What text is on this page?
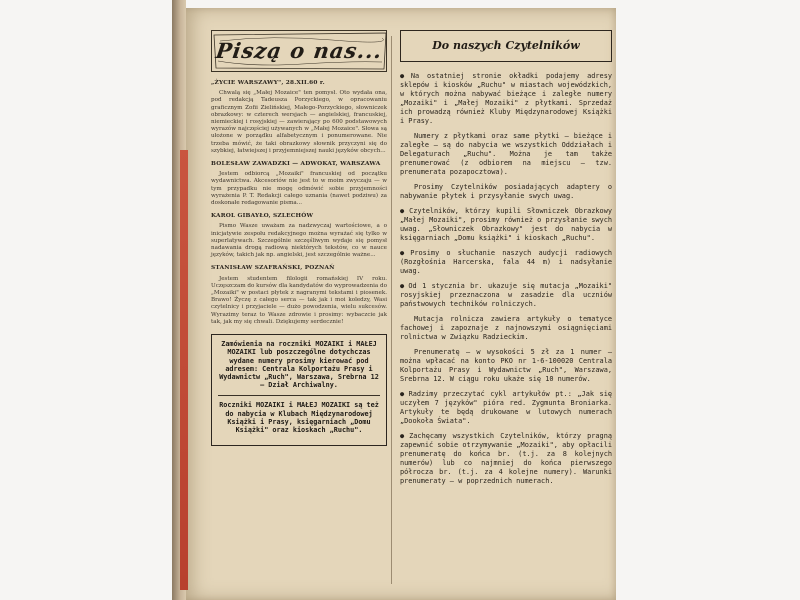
Piszą o nas...
„ŻYCIE WARSZAWY", 28.XII.60 r.

Chwalą się „Małej Mozaice" ten pomysł. Oto wydała ona, pod redakcją Tadeusza Porzyckiego, w opracowaniu graficznym Zofii Zielińskiej, Małego-Porzyckiego, słowniczek obrazkowy: w czterech wersjach — angielskiej, francuskiej, niemieckiej i rosyjskiej — zawierający po 600 podstawowych wyrazów najczęściej używanych w „Małej Mozaice". Słowa są ułożone w porządku alfabetycznym i ponumerowane. Nie trzeba mówić, że taki obrazkowy słownik przyczyni się do szybkiej, łatwiejszej i przyjemniejszej nauki języków obcych...

BOLESŁAW ZAWADZKI — ADWOKAT, WARSZAWA

Jestem odbiorcą „Mozaiki" francuskiej od początku wydawnictwa. Akcesoriów nie jest to w moim zwyczaju — w tym przypadku nie mogę odmówić sobie przyjemności wyrażenia P. T. Redakcji całego uznania (nawet podziwu) za doskonałe redagowanie pisma...

KAROL GIBAYŁO, SZLECHÓW

Pismo Wasze uważam za nadzwyczaj wartościowe, a o inicjatywie zespołu redakcyjnego można wyrażać się tylko w superlatywach. Szczególnie szczęśliwym wydaje się pomysł nadawania drogą radiową niektórych tekstów, co w nauce języków, takich jak np. angielski, jest szczególnie ważne...

STANISŁAW SZAFRAŃSKI, POZNAŃ

Jestem studentem filologii romańskiej IV roku. Uczęszczam do kursów dla kandydatów do wyprowadzenia do „Mozaiki" w postaci płytek z nagranymi tekstami i piosenek. Brawo! Życzę z całego serca — tak jak i moi koledzy, Wasi czytelnicy i przyjaciele — dużo powodzenia, wielu sukcesów. Wyrazimy teraz to Wasze zdrowie i prosimy: wybaczcie jak tak, jak my się chwali. Dziękujemy serdecznie!

Zamówienia na roczniki MOZAIKI i MAŁEJ MOZAIKI lub poszczególne dotychczas wydane numery prosimy kierować pod adresem: Centrala Kolportażu Prasy i Wydawnictw „Ruch", Warszawa, Srebrna 12 — Dział Archiwalny.

Roczniki MOZAIKI i MAŁEJ MOZAIKI są też do nabycia w Klubach Międzynarodowej Książki i Prasy, księgarniach „Domu Książki" oraz kioskach „Ruchu".

Do naszych Czytelników

● Na ostatniej stronie okładki podajemy adresy sklepów i kiosków „Ruchu" w miastach wojewódzkich, w których można nabywać bieżące i zaległe numery „Mozaiki" i „Małej Mozaiki" z płytkami. Sprzedaż ich prowadzą również Kluby Międzynarodowej Książki i Prasy.

Numery z płytkami oraz same płytki — bieżące i zaległe — są do nabycia we wszystkich Oddziałach i Delegaturach „Ruchu". Można je tam także prenumerować (z odbiorem na miejscu — tzw. prenumerata pozapocztowa).

Prosimy Czytelników posiadających adaptery o nabywanie płytek i przysyłanie swych uwag.

● Czytelników, którzy kupili Słowniczek Obrazkowy „Małej Mozaiki", prosimy również o przysłanie swych uwag. „Słowniczek Obrazkowy" jest do nabycia w księgarniach „Domu książki" i kioskach „Ruchu".

● Prosimy o słuchanie naszych audycji radiowych (Rozgłośnia Harcerska, fala 44 m) i nadsyłanie uwag.

● Od 1 stycznia br. ukazuje się mutacja „Mozaiki" rosyjskiej przeznaczona w zasadzie dla uczniów państwowych techników rolniczych.

Mutacja rolnicza zawiera artykuły o tematyce fachowej i zapoznaje z najnowszymi osiągnięciami rolnictwa w Związku Radzieckim.

Prenumeratę — w wysokości 5 zł za 1 numer — można wpłacać na konto PKO nr 1-6-100020 Centrala Kolportażu Prasy i Wydawnictw „Ruch", Warszawa, Srebrna 12. W ciągu roku ukaże się 10 numerów.

● Radzimy przeczytać cykl artykułów pt.: „Jak się uczyłem 7 języków" pióra red. Zygmunta Broniarka. Artykuły te będą drukowane w lutowych numerach „Dookoła Świata".

● Zachęcamy wszystkich Czytelników, którzy pragną zapewnić sobie otrzymywanie „Mozaiki", aby opłacili prenumeratę do końca br. (t.j. za 8 kolejnych numerów) lub co najmniej do końca pierwszego półrocza br. (t.j. za 4 kolejne numery). Warunki prenumeraty — w poprzednich numerach.
